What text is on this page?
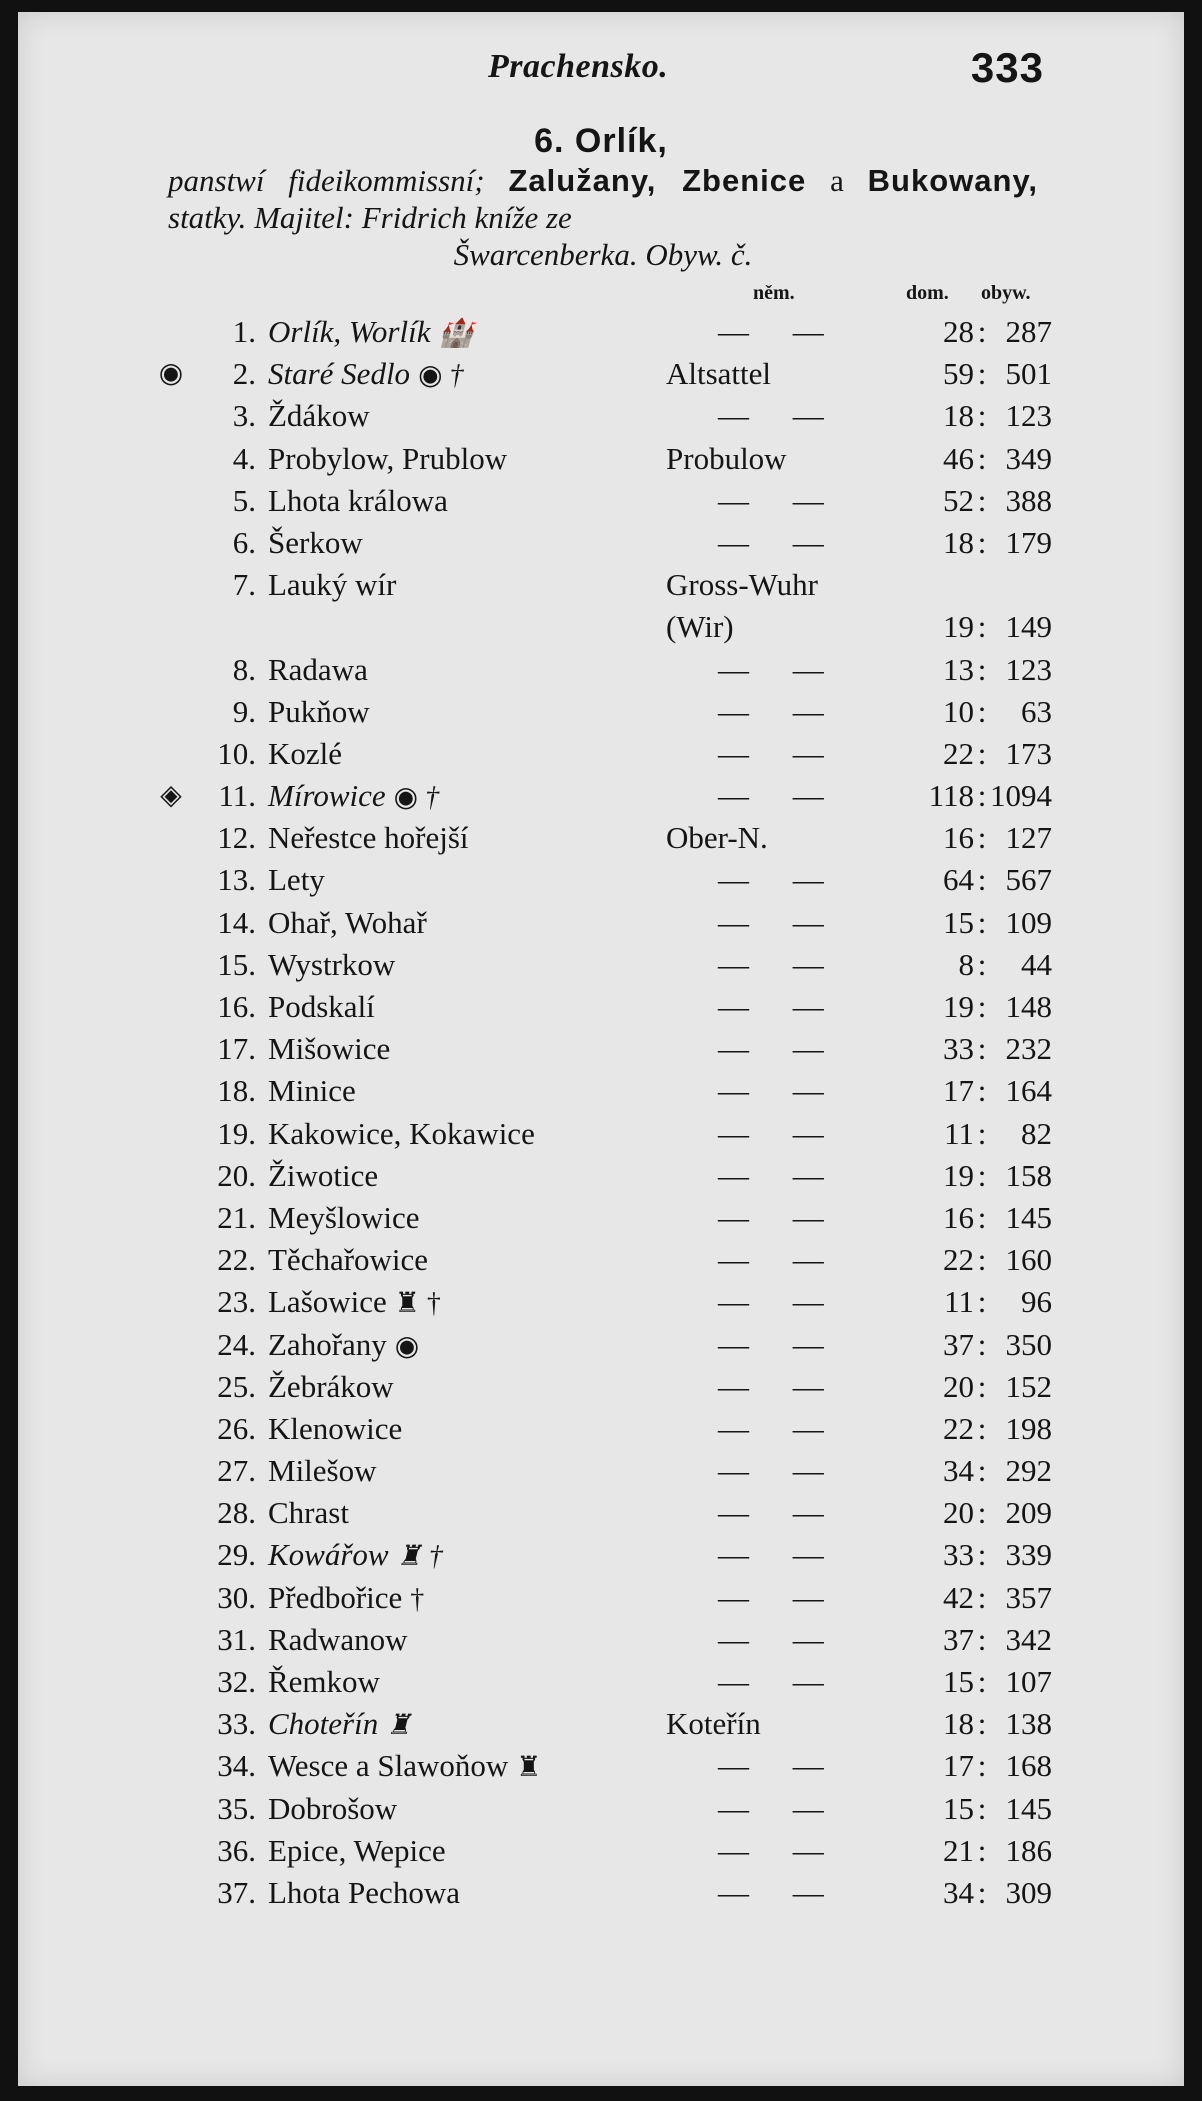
Prachensko.	333
6. Orlík,
panstwí fideikommissní; Zalužany, Zbenice a Bukowany, statky. Majitel: Fridrich kníže ze
Šwarcenberka. Obyw. č.
něm.	dom. obyw.
1. Orlík, Worlík 🏰	— —	28 : 287
◉	2. Staré Sedlo ◉ †	Altsattel	59 : 501
3. Ždákow	— —	18 : 123
4. Probylow, Prublow	Probulow	46 : 349
5. Lhota králowa	— —	52 : 388
6. Šerkow	— —	18 : 179
7. Lauký wír	Gross-Wuhr
(Wir)	19 : 149
8. Radawa	— —	13 : 123
9. Pukňow	— —	10 :	63
10. Kozlé	— —	22 : 173
◈	11. Mírowice ◉ †	— —	118 : 1094
12. Neřestce hořejší	Ober-N.	16 : 127
13. Lety	— —	64 : 567
14. Ohař, Wohař	— —	15 : 109
15. Wystrkow	— —	8 :	44
16. Podskalí	— —	19 : 148
17. Mišowice	— —	33 : 232
18. Minice	— —	17 : 164
19. Kakowice, Kokawice	— —	11 :	82
20. Žiwotice	— —	19 : 158
21. Meyšlowice	— —	16 : 145
22. Těchařowice	— —	22 : 160
23. Lašowice ♜ †	— —	11 :	96
24. Zahořany ◉	— —	37 : 350
25. Žebrákow	— —	20 : 152
26. Klenowice	— —	22 : 198
27. Milešow	— —	34 : 292
28. Chrast	— —	20 : 209
29. Kowářow ♜ †	— —	33 : 339
30. Předbořice †	— —	42 : 357
31. Radwanow	— —	37 : 342
32. Řemkow	— —	15 : 107
33. Choteřín ♜	Koteřín	18 : 138
34. Wesce a Slawoňow ♜	— —	17 : 168
35. Dobrošow	— —	15 : 145
36. Epice, Wepice	— —	21 : 186
37. Lhota Pechowa	— —	34 : 309
